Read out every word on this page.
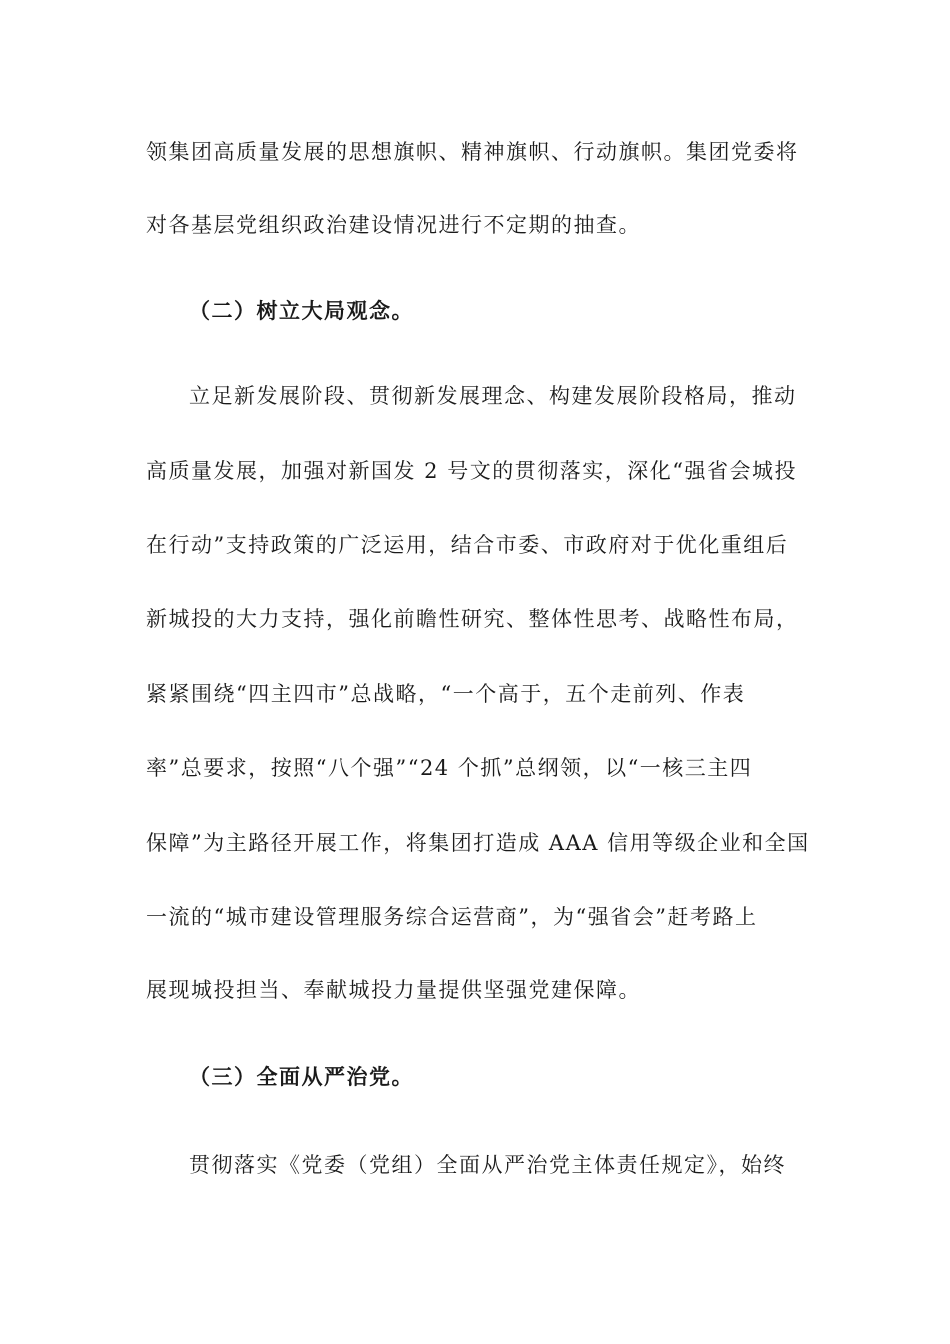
领集团高质量发展的思想旗帜、精神旗帜、行动旗帜。集团党委将
对各基层党组织政治建设情况进行不定期的抽查。
（二）树立大局观念。
立足新发展阶段、贯彻新发展理念、构建发展阶段格局，推动
高质量发展，加强对新国发 2 号文的贯彻落实，深化“强省会城投
在行动”支持政策的广泛运用，结合市委、市政府对于优化重组后
新城投的大力支持，强化前瞻性研究、整体性思考、战略性布局，
紧紧围绕“四主四市”总战略，“一个高于，五个走前列、作表
率”总要求，按照“八个强”“24 个抓”总纲领，以“一核三主四
保障”为主路径开展工作，将集团打造成 AAA 信用等级企业和全国
一流的“城市建设管理服务综合运营商”，为“强省会”赶考路上
展现城投担当、奉献城投力量提供坚强党建保障。
（三）全面从严治党。
贯彻落实《党委（党组）全面从严治党主体责任规定》，始终
